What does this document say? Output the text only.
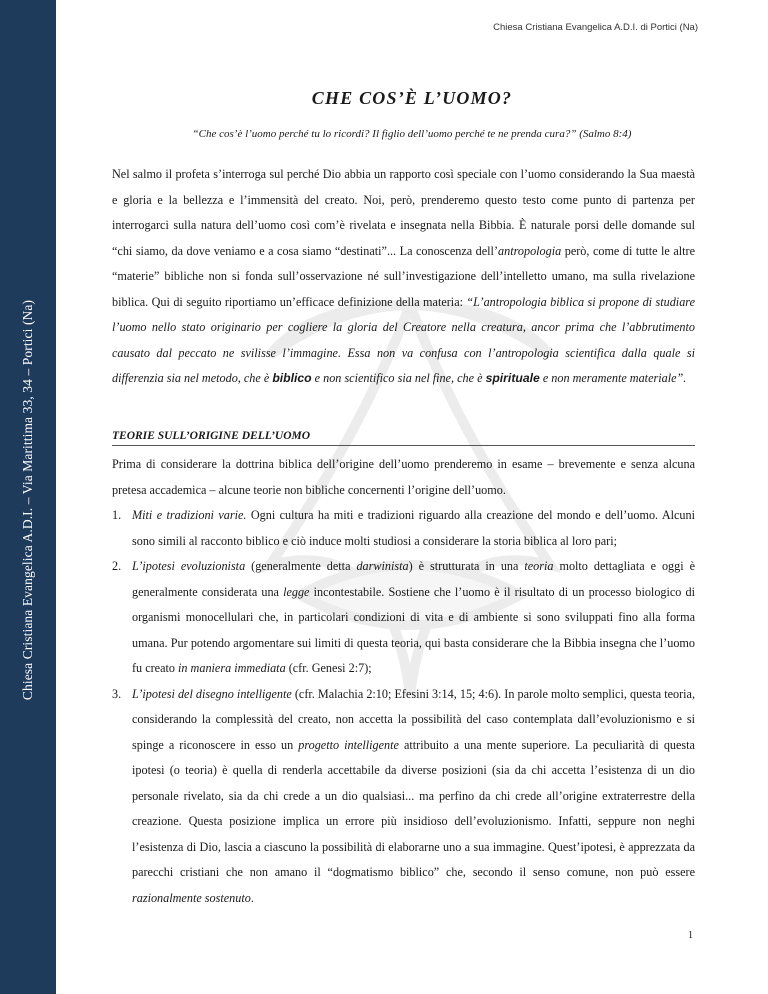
Chiesa Cristiana Evangelica A.D.I. – Via Marittima 33, 34 – Portici (Na)
Chiesa Cristiana Evangelica A.D.I. di Portici (Na)
CHE COS’È L’UOMO?
“Che cos’è l’uomo perché tu lo ricordi? Il figlio dell’uomo perché te ne prenda cura?” (Salmo 8:4)
Nel salmo il profeta s’interroga sul perché Dio abbia un rapporto così speciale con l’uomo considerando la Sua maestà e gloria e la bellezza e l’immensità del creato. Noi, però, prenderemo questo testo come punto di partenza per interrogarci sulla natura dell’uomo così com’è rivelata e insegnata nella Bibbia. È naturale porsi delle domande sul “chi siamo, da dove veniamo e a cosa siamo “destinati”... La conoscenza dell’antropologia però, come di tutte le altre “materie” bibliche non si fonda sull’osservazione né sull’investigazione dell’intelletto umano, ma sulla rivelazione biblica. Qui di seguito riportiamo un’efficace definizione della materia: “L’antropologia biblica si propone di studiare l’uomo nello stato originario per cogliere la gloria del Creatore nella creatura, ancor prima che l’abbrutimento causato dal peccato ne svilisse l’immagine. Essa non va confusa con l’antropologia scientifica dalla quale si differenzia sia nel metodo, che è biblico e non scientifico sia nel fine, che è spirituale e non meramente materiale”.
TEORIE SULL’ORIGINE DELL’UOMO
Prima di considerare la dottrina biblica dell’origine dell’uomo prenderemo in esame – brevemente e senza alcuna pretesa accademica – alcune teorie non bibliche concernenti l’origine dell’uomo.
1. Miti e tradizioni varie. Ogni cultura ha miti e tradizioni riguardo alla creazione del mondo e dell’uomo. Alcuni sono simili al racconto biblico e ciò induce molti studiosi a considerare la storia biblica al loro pari;
2. L’ipotesi evoluzionista (generalmente detta darwinista) è strutturata in una teoria molto dettagliata e oggi è generalmente considerata una legge incontestabile. Sostiene che l’uomo è il risultato di un processo biologico di organismi monocellulari che, in particolari condizioni di vita e di ambiente si sono sviluppati fino alla forma umana. Pur potendo argomentare sui limiti di questa teoria, qui basta considerare che la Bibbia insegna che l’uomo fu creato in maniera immediata (cfr. Genesi 2:7);
3. L’ipotesi del disegno intelligente (cfr. Malachia 2:10; Efesini 3:14, 15; 4:6). In parole molto semplici, questa teoria, considerando la complessità del creato, non accetta la possibilità del caso contemplata dall’evoluzionismo e si spinge a riconoscere in esso un progetto intelligente attribuito a una mente superiore. La peculiarità di questa ipotesi (o teoria) è quella di renderla accettabile da diverse posizioni (sia da chi accetta l’esistenza di un dio personale rivelato, sia da chi crede a un dio qualsiasi... ma perfino da chi crede all’origine extraterrestre della creazione. Questa posizione implica un errore più insidioso dell’evoluzionismo. Infatti, seppure non neghi l’esistenza di Dio, lascia a ciascuno la possibilità di elaborarne uno a sua immagine. Quest’ipotesi, è apprezzata da parecchi cristiani che non amano il “dogmatismo biblico” che, secondo il senso comune, non può essere razionalmente sostenuto.
1
